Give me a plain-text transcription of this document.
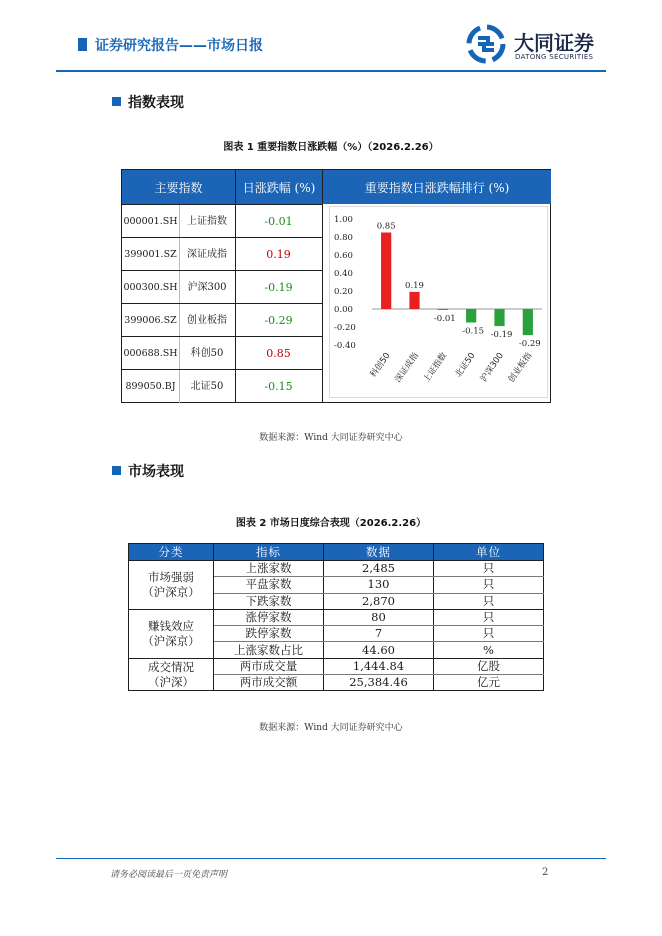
证券研究报告——市场日报	大同证券
DATONG SECURITIES
指数表现
图表 1 重要指数日涨跌幅（%）（2026.2.26）
主要指数	日涨跌幅 (%)	重要指数日涨跌幅排行 (%)
000001.SH 上证指数	-0.01
399001.SZ	深证成指	0.19
000300.SH 沪深300	-0.19
399006.SZ	创业板指	-0.29
000688.SH	科创50	0.85
899050.BJ	北证50	-0.15
1.00
0.80
0.60
0.40
0.20
0.00
-0.20
-0.40
0.85
科创50
0.19
深证成指
-0.01
上证指数
-0.15
北证50
-0.19
沪深300
-0.29
创业板指
数据来源：Wind 大同证券研究中心
市场表现
图表 2 市场日度综合表现（2026.2.26）
分类	指标	数据	单位
市场强弱
（沪深京）	上涨家数	2,485	只
	平盘家数	130	只
	下跌家数	2,870	只
赚钱效应
（沪深京）	涨停家数	80	只
	跌停家数	7	只
	上涨家数占比	44.60	%
成交情况
（沪深）	两市成交量	1,444.84	亿股
	两市成交额	25,384.46	亿元
数据来源：Wind 大同证券研究中心
请务必阅读最后一页免责声明	2
